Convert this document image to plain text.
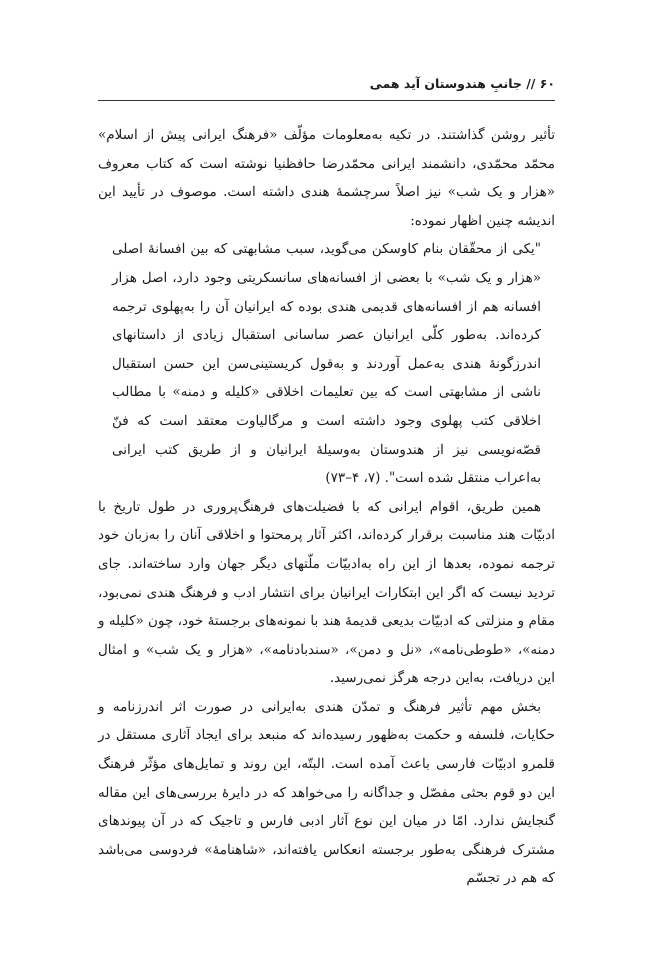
۶۰ // جانبِ هندوستان آید همی

تأثیر روشن گذاشتند. در تکیه به‌معلومات مؤلّف «فرهنگ ایرانی پیش از اسلام» محمّد محمّدی، دانشمند ایرانی محمّدرضا حافظنیا نوشته است که کتاب معروف «هزار و یک شب» نیز اصلاً سرچشمهٔ هندی داشته است. موصوف در تأیید این اندیشه چنین اظهار نموده:

"یکی از محقّقان بنام کاوسکن می‌گوید، سبب مشابهتی که بین افسانهٔ اصلی «هزار و یک شب» با بعضی از افسانه‌های سانسکریتی وجود دارد، اصل هزار افسانه هم از افسانه‌های قدیمی هندی بوده که ایرانیان آن را به‌پهلوی ترجمه کرده‌اند. به‌طور کلّی ایرانیان عصر ساسانی استقبال زیادی از داستانهای اندرزگونهٔ هندی به‌عمل آوردند و به‌قول کریستینی‌سن این حسن استقبال ناشی از مشابهتی است که بین تعلیمات اخلاقی «کلیله و دمنه» با مطالب اخلاقی کتب پهلوی وجود داشته است و مرگالیاوت معتقد است که فنّ قصّه‌نویسی نیز از هندوستان به‌وسیلهٔ ایرانیان و از طریق کتب ایرانی به‌اعراب منتقل شده است". (۷، ۴–۷۳)

همین طریق، اقوام ایرانی که با فضیلت‌های فرهنگ‌پروری در طول تاریخ با ادبیّات هند مناسبت برقرار کرده‌اند، اکثر آثار پرمحتوا و اخلاقی آنان را به‌زبان خود ترجمه نموده، بعدها از این راه به‌ادبیّات ملّتهای دیگر جهان وارد ساخته‌اند. جای تردید نیست که اگر این ابتکارات ایرانیان برای انتشار ادب و فرهنگ هندی نمی‌بود، مقام و منزلتی که ادبیّات بدیعی قدیمهٔ هند با نمونه‌های برجستهٔ خود، چون «کلیله و دمنه»، «طوطی‌نامه»، «نل و دمن»، «سندبادنامه»، «هزار و یک شب» و امثال این دریافت، به‌این درجه هرگز نمی‌رسید.

بخش مهم تأثیر فرهنگ و تمدّن هندی به‌ایرانی در صورت اثر اندرزنامه و حکایات، فلسفه و حکمت به‌ظهور رسیده‌اند که منبعد برای ایجاد آثاری مستقل در قلمرو ادبیّات فارسی باعث آمده است. البتّه، این روند و تمایل‌های مؤثّر فرهنگ این دو قوم بحثی مفصّل و جداگانه را می‌خواهد که در دایرهٔ بررسی‌های این مقاله گنجایش ندارد. امّا در میان این نوع آثار ادبی فارس و تاجیک که در آن پیوندهای مشترک فرهنگی به‌طور برجسته انعکاس یافته‌اند، «شاهنامهٔ» فردوسی می‌باشد که هم در تجسّم
